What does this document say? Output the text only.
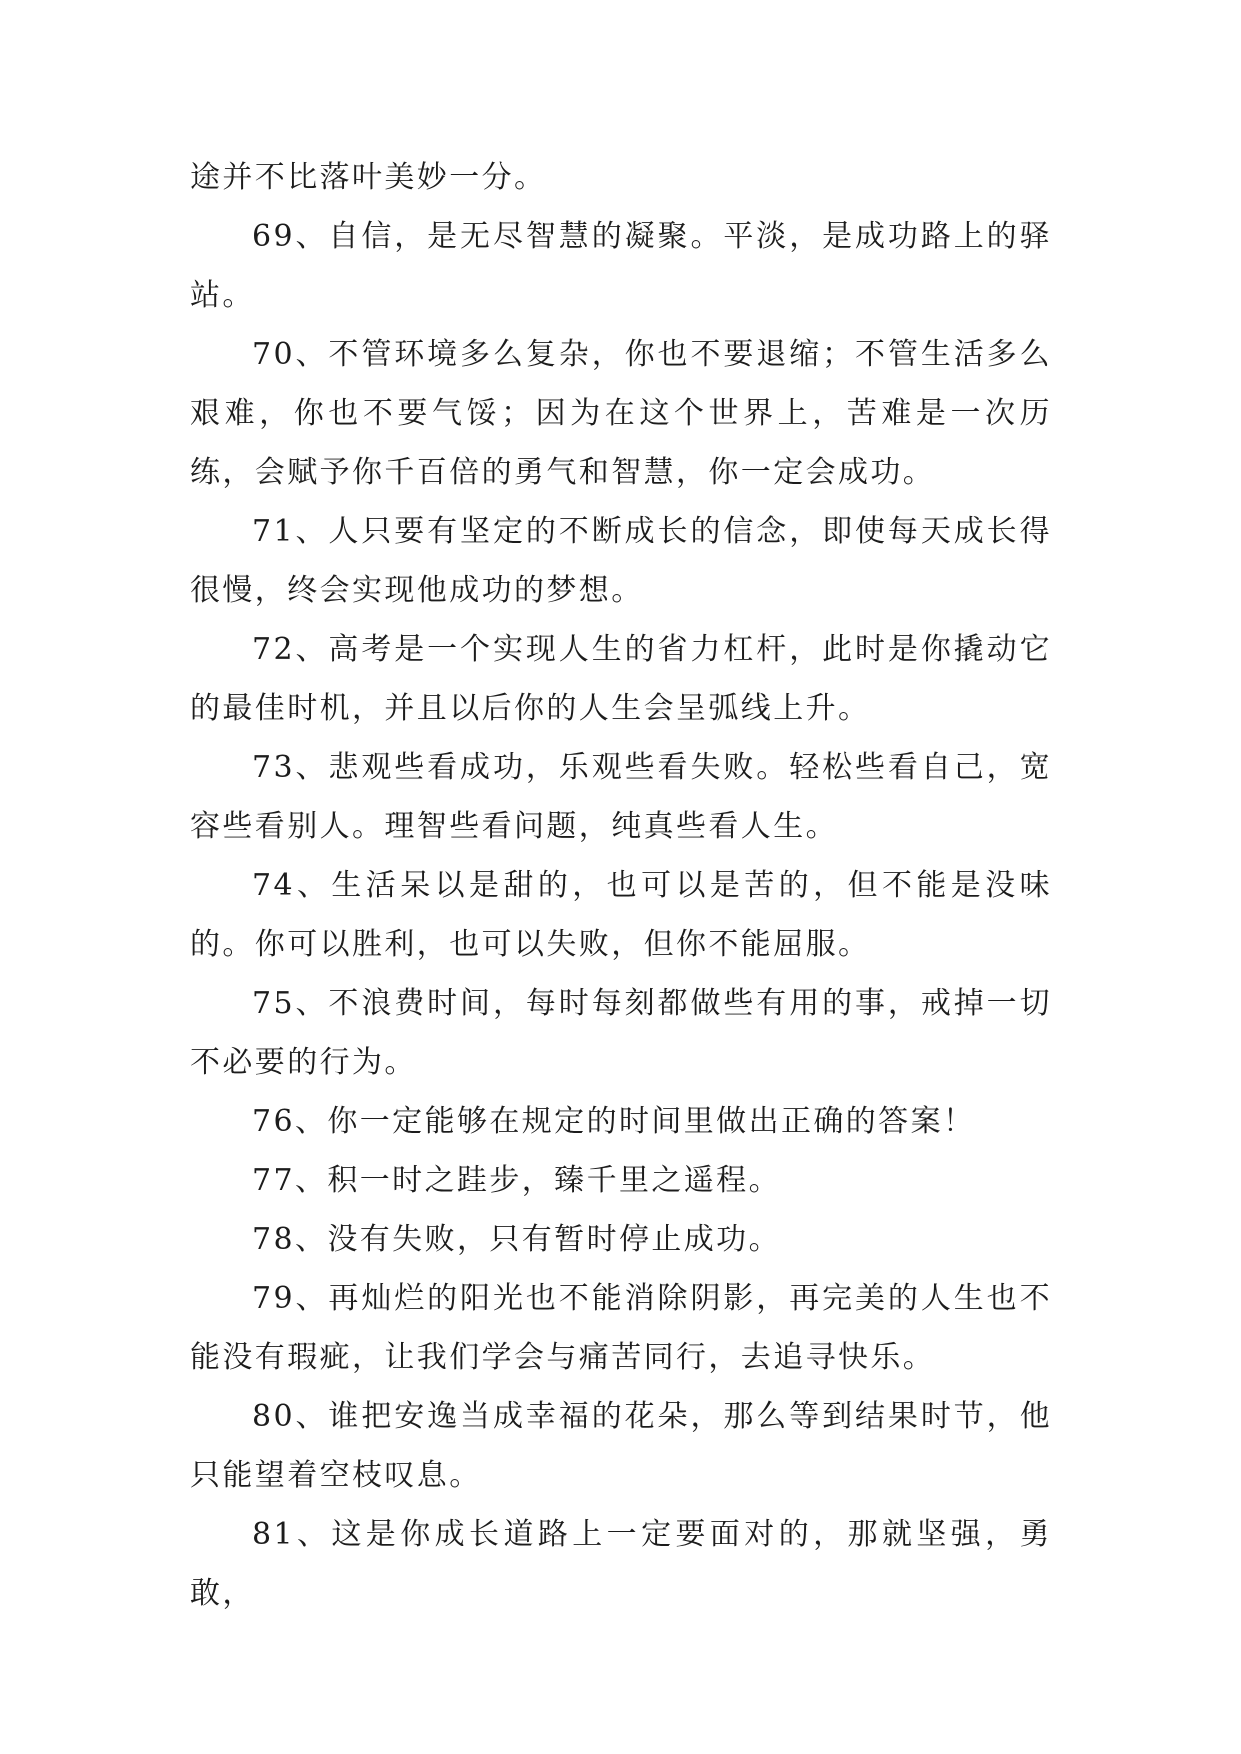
途并不比落叶美妙一分。

69、自信，是无尽智慧的凝聚。平淡，是成功路上的驿站。

70、不管环境多么复杂，你也不要退缩；不管生活多么艰难，你也不要气馁；因为在这个世界上，苦难是一次历练，会赋予你千百倍的勇气和智慧，你一定会成功。

71、人只要有坚定的不断成长的信念，即使每天成长得很慢，终会实现他成功的梦想。

72、高考是一个实现人生的省力杠杆，此时是你撬动它的最佳时机，并且以后你的人生会呈弧线上升。

73、悲观些看成功，乐观些看失败。轻松些看自己，宽容些看别人。理智些看问题，纯真些看人生。

74、生活呆以是甜的，也可以是苦的，但不能是没味的。你可以胜利，也可以失败，但你不能屈服。

75、不浪费时间，每时每刻都做些有用的事，戒掉一切不必要的行为。

76、你一定能够在规定的时间里做出正确的答案！

77、积一时之跬步，臻千里之遥程。

78、没有失败，只有暂时停止成功。

79、再灿烂的阳光也不能消除阴影，再完美的人生也不能没有瑕疵，让我们学会与痛苦同行，去追寻快乐。

80、谁把安逸当成幸福的花朵，那么等到结果时节，他只能望着空枝叹息。

81、这是你成长道路上一定要面对的，那就坚强，勇敢，
